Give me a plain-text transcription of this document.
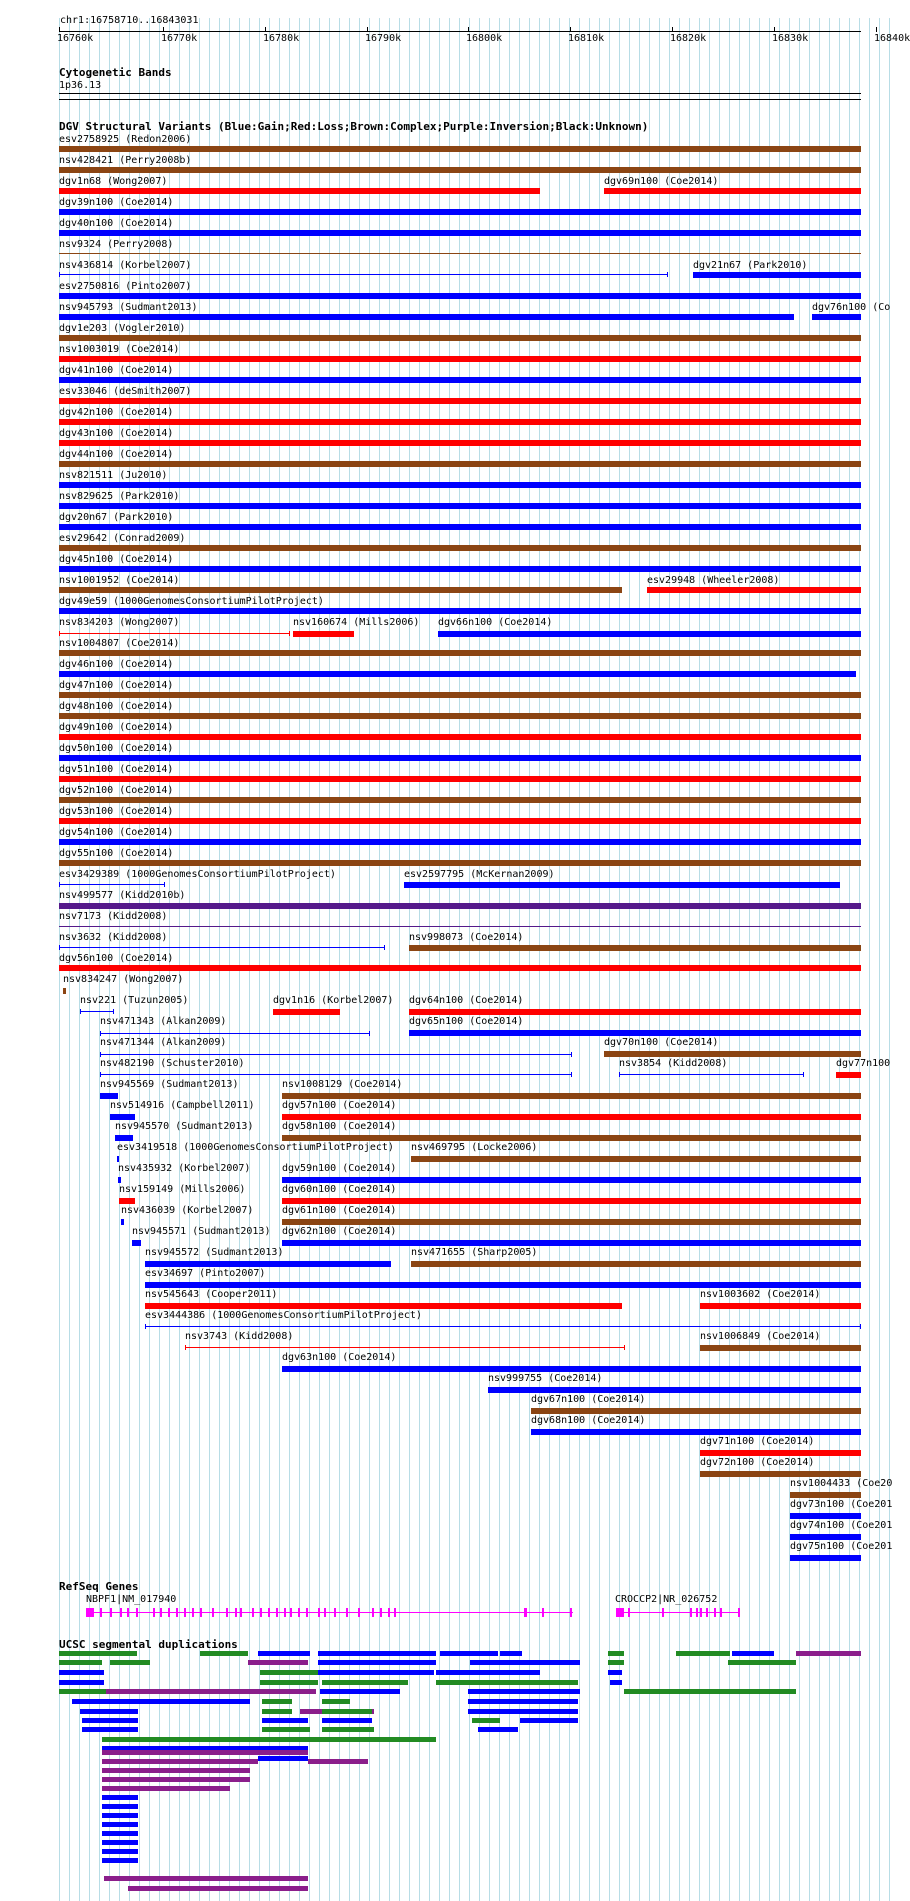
chr1:16758710..16843031
16760k	16770k	16780k	16790k	16800k	16810k	16820k	16830k	16840k
Cytogenetic Bands
1p36.13
DGV Structural Variants (Blue:Gain;Red:Loss;Brown:Complex;Purple:Inversion;Black:Unknown)
esv2758925 (Redon2006)
nsv428421 (Perry2008b)
dgv1n68 (Wong2007)	dgv69n100 (Coe2014)
dgv39n100 (Coe2014)
dgv40n100 (Coe2014)
nsv9324 (Perry2008)
nsv436814 (Korbel2007)	dgv21n67 (Park2010)
esv2750816 (Pinto2007)
nsv945793 (Sudmant2013)	dgv76n100 (Co
dgv1e203 (Vogler2010)
nsv1003019 (Coe2014)
dgv41n100 (Coe2014)
esv33046 (deSmith2007)
dgv42n100 (Coe2014)
dgv43n100 (Coe2014)
dgv44n100 (Coe2014)
nsv821511 (Ju2010)
nsv829625 (Park2010)
dgv20n67 (Park2010)
esv29642 (Conrad2009)
dgv45n100 (Coe2014)
nsv1001952 (Coe2014)	esv29948 (Wheeler2008)
dgv49e59 (1000GenomesConsortiumPilotProject)
nsv834203 (Wong2007)	nsv160674 (Mills2006) dgv66n100 (Coe2014)
nsv1004807 (Coe2014)
dgv46n100 (Coe2014)
dgv47n100 (Coe2014)
dgv48n100 (Coe2014)
dgv49n100 (Coe2014)
dgv50n100 (Coe2014)
dgv51n100 (Coe2014)
dgv52n100 (Coe2014)
dgv53n100 (Coe2014)
dgv54n100 (Coe2014)
dgv55n100 (Coe2014)
esv3429389 (1000GenomesConsortiumPilotProject)	esv2597795 (McKernan2009)
nsv499577 (Kidd2010b)
nsv7173 (Kidd2008)
nsv3632 (Kidd2008)	nsv998073 (Coe2014)
dgv56n100 (Coe2014)
nsv834247 (Wong2007)
nsv221 (Tuzun2005)	dgv1n16 (Korbel2007) dgv64n100 (Coe2014)
nsv471343 (Alkan2009)	dgv65n100 (Coe2014)
nsv471344 (Alkan2009)	dgv70n100 (Coe2014)
nsv482190 (Schuster2010)	nsv3854 (Kidd2008)	dgv77n100
nsv945569 (Sudmant2013)	nsv1008129 (Coe2014)
nsv514916 (Campbell2011)	dgv57n100 (Coe2014)
nsv945570 (Sudmant2013)	dgv58n100 (Coe2014)
esv3419518 (1000GenomesConsortiumPilotProject) nsv469795 (Locke2006)
nsv435932 (Korbel2007)	dgv59n100 (Coe2014)
nsv159149 (Mills2006)	dgv60n100 (Coe2014)
nsv436039 (Korbel2007)	dgv61n100 (Coe2014)
nsv945571 (Sudmant2013) dgv62n100 (Coe2014)
nsv945572 (Sudmant2013)	nsv471655 (Sharp2005)
esv34697 (Pinto2007)
nsv545643 (Cooper2011)	nsv1003602 (Coe2014)
esv3444386 (1000GenomesConsortiumPilotProject)
nsv3743 (Kidd2008)	nsv1006849 (Coe2014)
dgv63n100 (Coe2014)
nsv999755 (Coe2014)
dgv67n100 (Coe2014)
dgv68n100 (Coe2014)
dgv71n100 (Coe2014)
dgv72n100 (Coe2014)
nsv1004433 (Coe20
dgv73n100 (Coe201
dgv74n100 (Coe201
dgv75n100 (Coe201
RefSeq Genes
NBPF1|NM_017940	CROCCP2|NR_026752
UCSC segmental duplications
